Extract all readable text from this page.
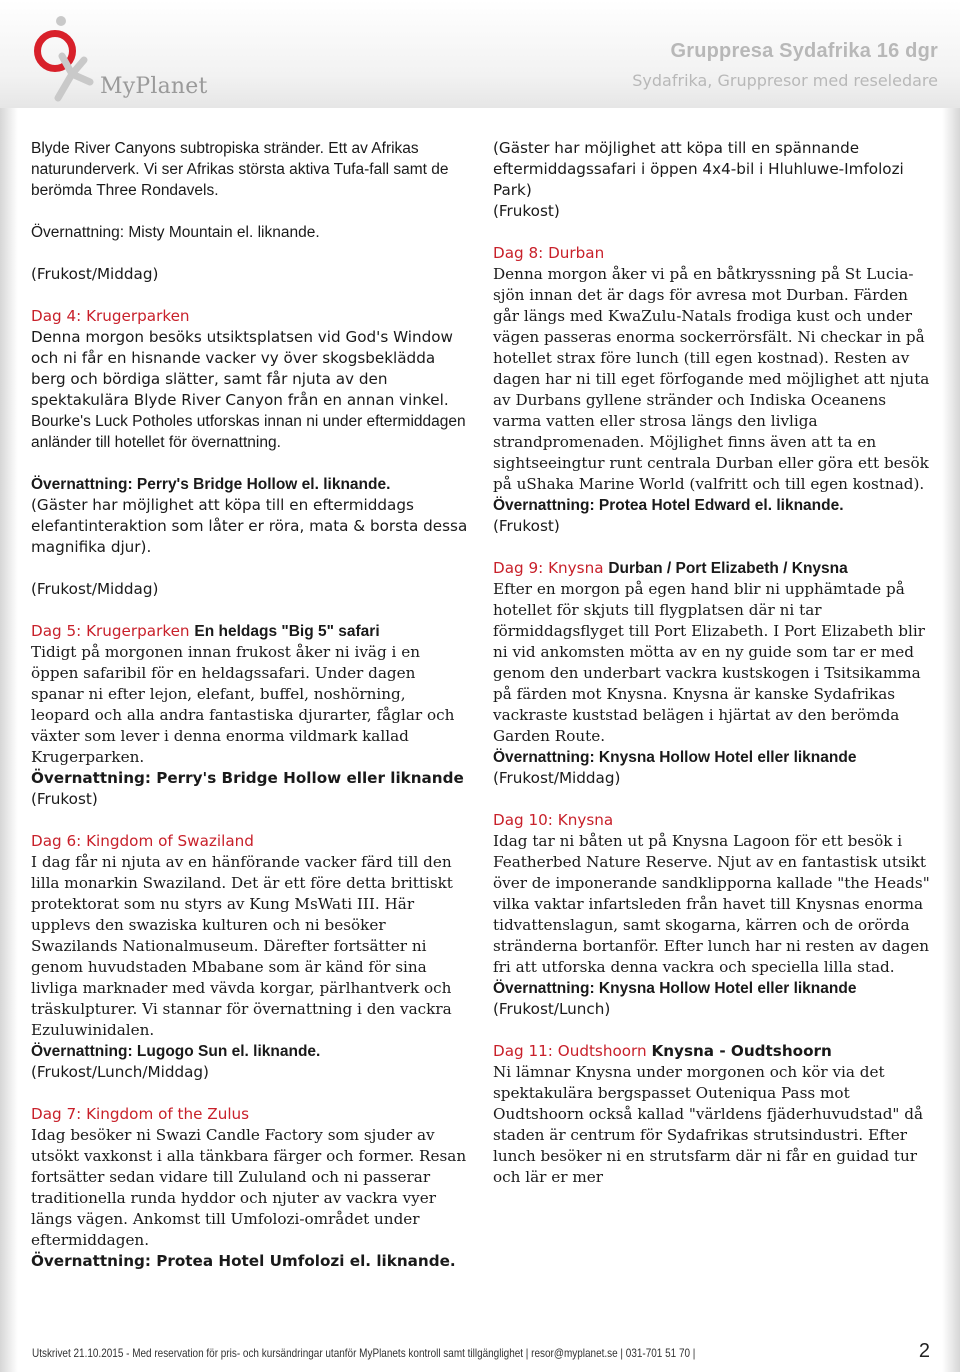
MyPlanet
Gruppresa Sydafrika 16 dgr
Sydafrika, Gruppresor med reseledare

Blyde River Canyons subtropiska stränder. Ett av Afrikas naturunderverk. Vi ser Afrikas största aktiva Tufa-fall samt de berömda Three Rondavels.

Övernattning: Misty Mountain el. liknande.

(Frukost/Middag)

Dag 4: Krugerparken

Denna morgon besöks utsiktsplatsen vid God's Window och ni får en hisnande vacker vy över skogsbeklädda berg och bördiga slätter, samt får njuta av den spektakulära Blyde River Canyon från en annan vinkel. Bourke's Luck Potholes utforskas innan ni under eftermiddagen anländer till hotellet för övernattning.

Övernattning: Perry's Bridge Hollow el. liknande.

(Gäster har möjlighet att köpa till en eftermiddags elefantinteraktion som låter er röra, mata & borsta dessa magnifika djur).

(Frukost/Middag)

Dag 5: Krugerparken En heldags "Big 5" safari

Tidigt på morgonen innan frukost åker ni iväg i en öppen safaribil för en heldagssafari. Under dagen spanar ni efter lejon, elefant, buffel, noshörning, leopard och alla andra fantastiska djurarter, fåglar och växter som lever i denna enorma vildmark kallad Krugerparken.

Övernattning: Perry's Bridge Hollow eller liknande

(Frukost)

Dag 6: Kingdom of Swaziland

I dag får ni njuta av en hänförande vacker färd till den lilla monarkin Swaziland. Det är ett före detta brittiskt protektorat som nu styrs av Kung MsWati III. Här upplevs den swaziska kulturen och ni besöker Swazilands Nationalmuseum. Därefter fortsätter ni genom huvudstaden Mbabane som är känd för sina livliga marknader med vävda korgar, pärlhantverk och träskulpturer. Vi stannar för övernattning i den vackra Ezuluwinidalen.

Övernattning: Lugogo Sun el. liknande.

(Frukost/Lunch/Middag)

Dag 7: Kingdom of the Zulus

Idag besöker ni Swazi Candle Factory som sjuder av utsökt vaxkonst i alla tänkbara färger och former. Resan fortsätter sedan vidare till Zululand och ni passerar traditionella runda hyddor och njuter av vackra vyer längs vägen. Ankomst till Umfolozi-området under eftermiddagen.

Övernattning: Protea Hotel Umfolozi el. liknande.

(Gäster har möjlighet att köpa till en spännande eftermiddagssafari i öppen 4x4-bil i Hluhluwe-Imfolozi Park)

(Frukost)

Dag 8: Durban

Denna morgon åker vi på en båtkryssning på St Lucia-sjön innan det är dags för avresa mot Durban. Färden går längs med KwaZulu-Natals frodiga kust och under vägen passeras enorma sockerrörsfält. Ni checkar in på hotellet strax före lunch (till egen kostnad). Resten av dagen har ni till eget förfogande med möjlighet att njuta av Durbans gyllene stränder och Indiska Oceanens varma vatten eller strosa längs den livliga strandpromenaden. Möjlighet finns även att ta en sightseeingtur runt centrala Durban eller göra ett besök på uShaka Marine World (valfritt och till egen kostnad).

Övernattning: Protea Hotel Edward el. liknande.

(Frukost)

Dag 9: Knysna Durban / Port Elizabeth / Knysna

Efter en morgon på egen hand blir ni upphämtade på hotellet för skjuts till flygplatsen där ni tar förmiddagsflyget till Port Elizabeth. I Port Elizabeth blir ni vid ankomsten mötta av en ny guide som tar er med genom den underbart vackra kustskogen i Tsitsikamma på färden mot Knysna. Knysna är kanske Sydafrikas vackraste kuststad belägen i hjärtat av den berömda Garden Route.

Övernattning: Knysna Hollow Hotel eller liknande

(Frukost/Middag)

Dag 10: Knysna

Idag tar ni båten ut på Knysna Lagoon för ett besök i Featherbed Nature Reserve. Njut av en fantastisk utsikt över de imponerande sandklipporna kallade "the Heads" vilka vaktar infartsleden från havet till Knysnas enorma tidvattenslagun, samt skogarna, kärren och de orörda stränderna bortanför. Efter lunch har ni resten av dagen fri att utforska denna vackra och speciella lilla stad.

Övernattning: Knysna Hollow Hotel eller liknande

(Frukost/Lunch)

Dag 11: Oudtshoorn Knysna - Oudtshoorn

Ni lämnar Knysna under morgonen och kör via det spektakulära bergspasset Outeniqua Pass mot Oudtshoorn också kallad "världens fjäderhuvudstad" då staden är centrum för Sydafrikas strutsindustri. Efter lunch besöker ni en strutsfarm där ni får en guidad tur och lär er mer

Utskrivet 21.10.2015 - Med reservation för pris- och kursändringar utanför MyPlanets kontroll samt tillgänglighet | resor@myplanet.se | 031-701 51 70 |	2
